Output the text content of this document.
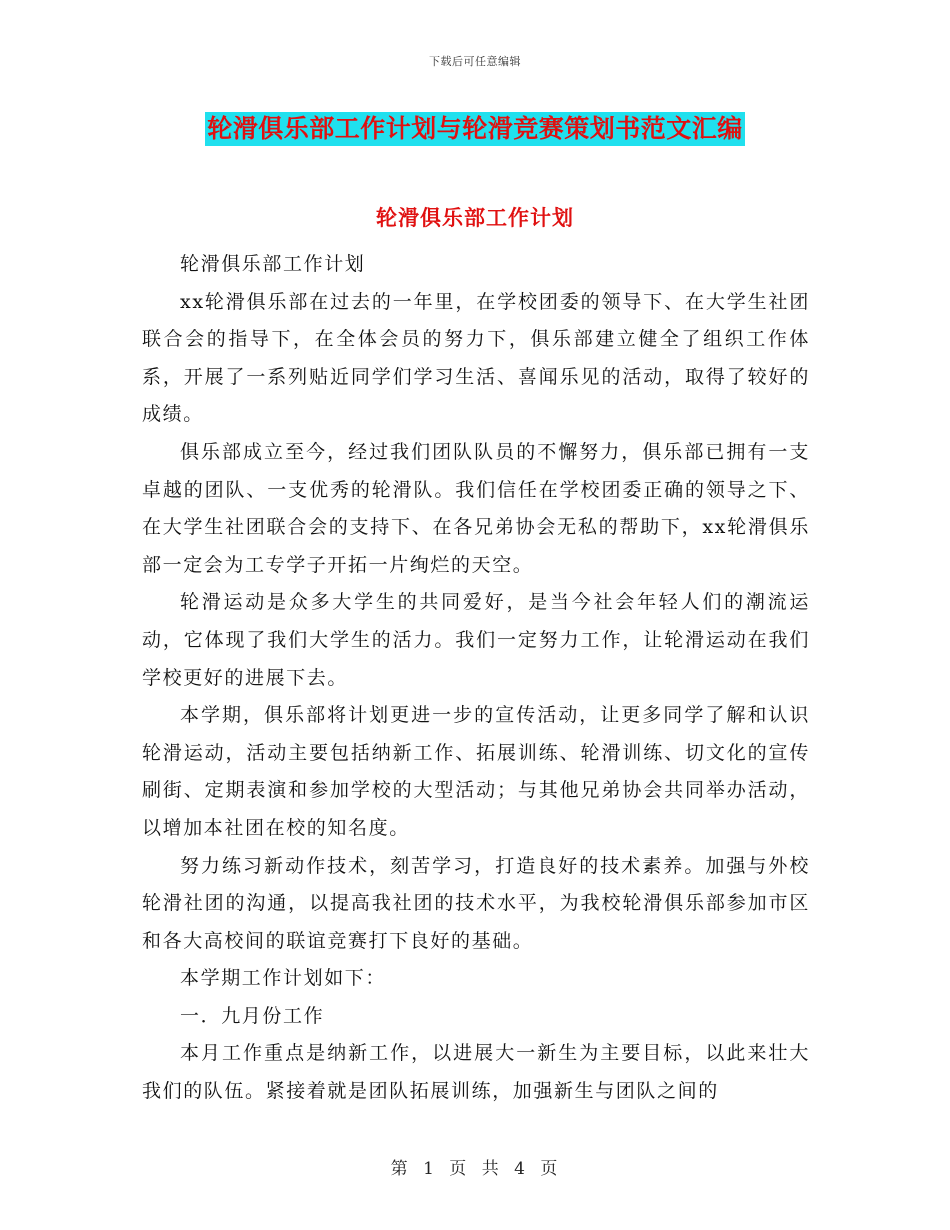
下载后可任意编辑
轮滑俱乐部工作计划与轮滑竞赛策划书范文汇编
轮滑俱乐部工作计划

轮滑俱乐部工作计划

xx轮滑俱乐部在过去的一年里，在学校团委的领导下、在大学生社团联合会的指导下，在全体会员的努力下，俱乐部建立健全了组织工作体系，开展了一系列贴近同学们学习生活、喜闻乐见的活动，取得了较好的成绩。

俱乐部成立至今，经过我们团队队员的不懈努力，俱乐部已拥有一支卓越的团队、一支优秀的轮滑队。我们信任在学校团委正确的领导之下、在大学生社团联合会的支持下、在各兄弟协会无私的帮助下，xx轮滑俱乐部一定会为工专学子开拓一片绚烂的天空。

轮滑运动是众多大学生的共同爱好，是当今社会年轻人们的潮流运动，它体现了我们大学生的活力。我们一定努力工作，让轮滑运动在我们学校更好的进展下去。

本学期，俱乐部将计划更进一步的宣传活动，让更多同学了解和认识轮滑运动，活动主要包括纳新工作、拓展训练、轮滑训练、切文化的宣传刷街、定期表演和参加学校的大型活动；与其他兄弟协会共同举办活动，以增加本社团在校的知名度。

努力练习新动作技术，刻苦学习，打造良好的技术素养。加强与外校轮滑社团的沟通，以提高我社团的技术水平，为我校轮滑俱乐部参加市区和各大高校间的联谊竞赛打下良好的基础。

本学期工作计划如下：

一．九月份工作

本月工作重点是纳新工作，以进展大一新生为主要目标，以此来壮大我们的队伍。紧接着就是团队拓展训练，加强新生与团队之间的

第 1 页 共 4 页
